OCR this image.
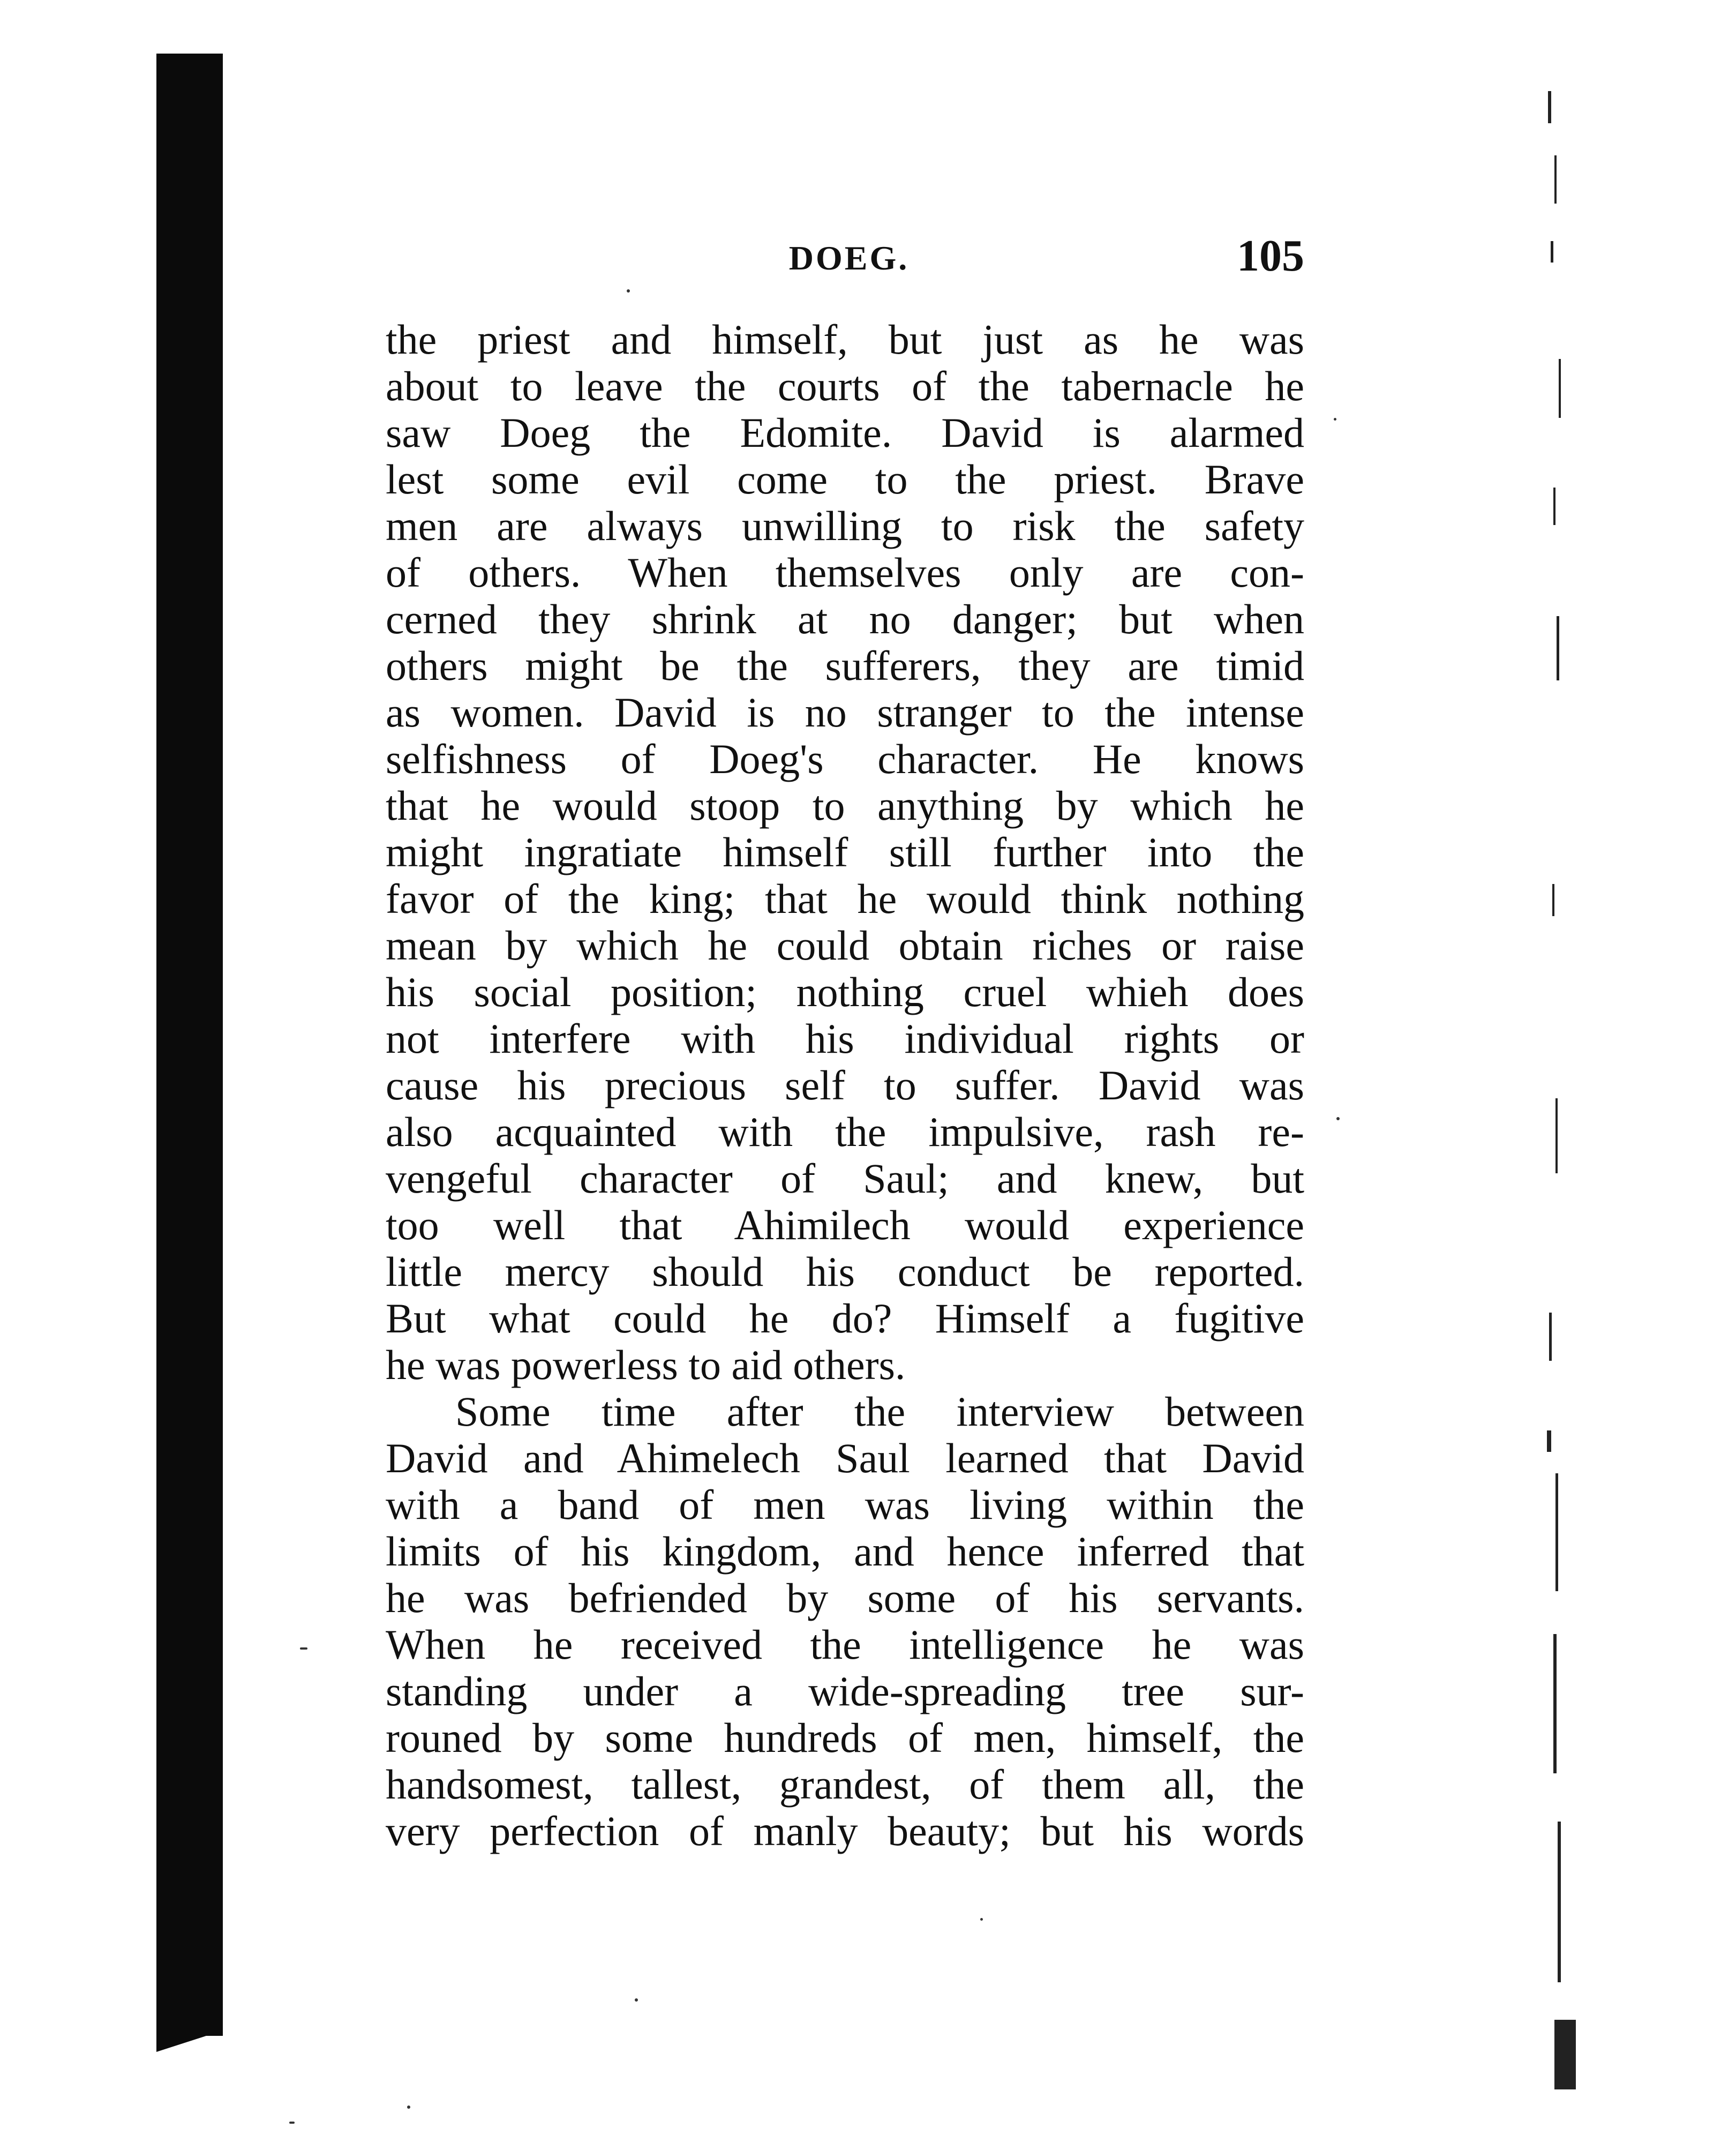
DOEG.	105
the priest and himself, but just as he was
about to leave the courts of the tabernacle he
saw Doeg the Edomite. David is alarmed
lest some evil come to the priest. Brave
men are always unwilling to risk the safety
of others. When themselves only are con-
cerned they shrink at no danger; but when
others might be the sufferers, they are timid
as women. David is no stranger to the intense
selfishness of Doeg's character. He knows
that he would stoop to anything by which he
might ingratiate himself still further into the
favor of the king; that he would think nothing
mean by which he could obtain riches or raise
his social position; nothing cruel whieh does
not interfere with his individual rights or
cause his precious self to suffer. David was
also acquainted with the impulsive, rash re-
vengeful character of Saul; and knew, but
too well that Ahimilech would experience
little mercy should his conduct be reported.
But what could he do? Himself a fugitive
he was powerless to aid others.
Some time after the interview between
David and Ahimelech Saul learned that David
with a band of men was living within the
limits of his kingdom, and hence inferred that
he was befriended by some of his servants.
When he received the intelligence he was
standing under a wide-spreading tree sur-
rouned by some hundreds of men, himself, the
handsomest, tallest, grandest, of them all, the
very perfection of manly beauty; but his words
